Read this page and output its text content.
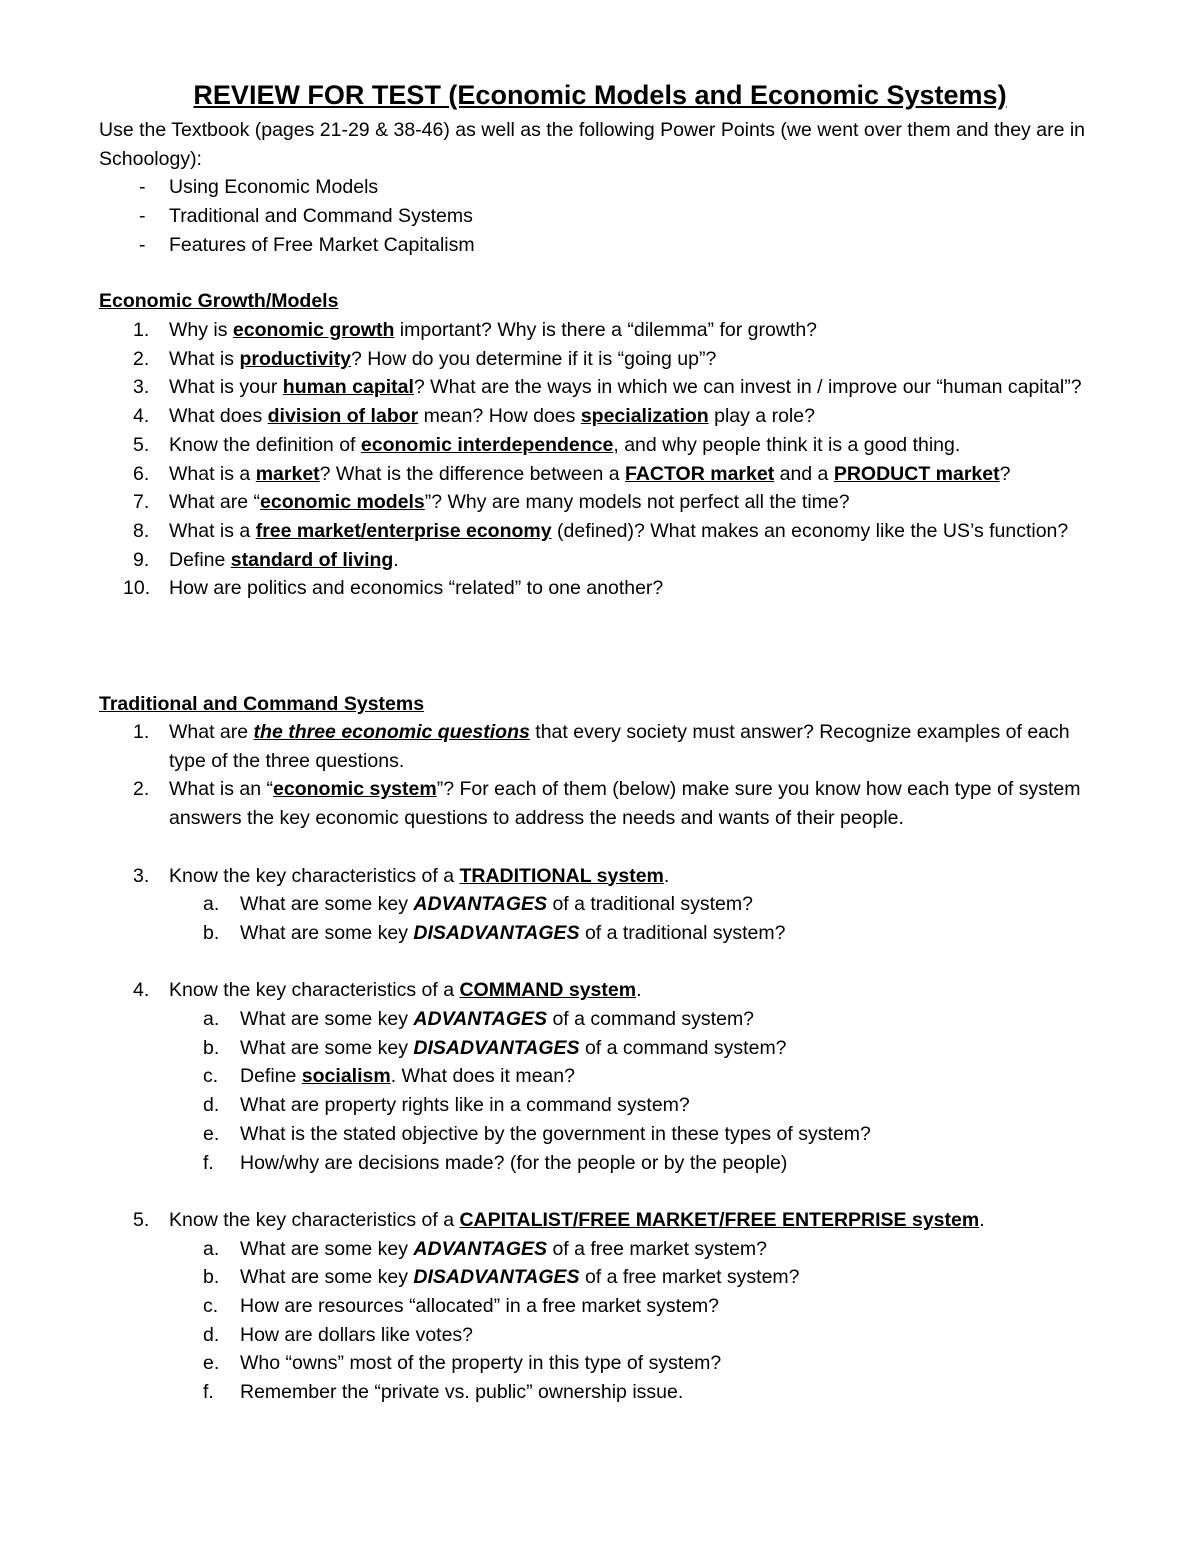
REVIEW FOR TEST (Economic Models and Economic Systems)

Use the Textbook (pages 21-29 & 38-46) as well as the following Power Points (we went over them and they are in Schoology):

- Using Economic Models
- Traditional and Command Systems
- Features of Free Market Capitalism
Economic Growth/Models
1. Why is economic growth important? Why is there a “dilemma” for growth?
2. What is productivity? How do you determine if it is “going up”?
3. What is your human capital? What are the ways in which we can invest in / improve our “human capital”?
4. What does division of labor mean? How does specialization play a role?
5. Know the definition of economic interdependence, and why people think it is a good thing.
6. What is a market? What is the difference between a FACTOR market and a PRODUCT market?
7. What are “economic models”? Why are many models not perfect all the time?
8. What is a free market/enterprise economy (defined)? What makes an economy like the US’s function?
9. Define standard of living.
10. How are politics and economics “related” to one another?
Traditional and Command Systems
1. What are the three economic questions that every society must answer? Recognize examples of each type of the three questions.
2. What is an “economic system”? For each of them (below) make sure you know how each type of system answers the key economic questions to address the needs and wants of their people.
3. Know the key characteristics of a TRADITIONAL system.
a. What are some key ADVANTAGES of a traditional system?
b. What are some key DISADVANTAGES of a traditional system?
4. Know the key characteristics of a COMMAND system.
a. What are some key ADVANTAGES of a command system?
b. What are some key DISADVANTAGES of a command system?
c. Define socialism. What does it mean?
d. What are property rights like in a command system?
e. What is the stated objective by the government in these types of system?
f. How/why are decisions made? (for the people or by the people)
5. Know the key characteristics of a CAPITALIST/FREE MARKET/FREE ENTERPRISE system.
a. What are some key ADVANTAGES of a free market system?
b. What are some key DISADVANTAGES of a free market system?
c. How are resources “allocated” in a free market system?
d. How are dollars like votes?
e. Who “owns” most of the property in this type of system?
f. Remember the “private vs. public” ownership issue.
